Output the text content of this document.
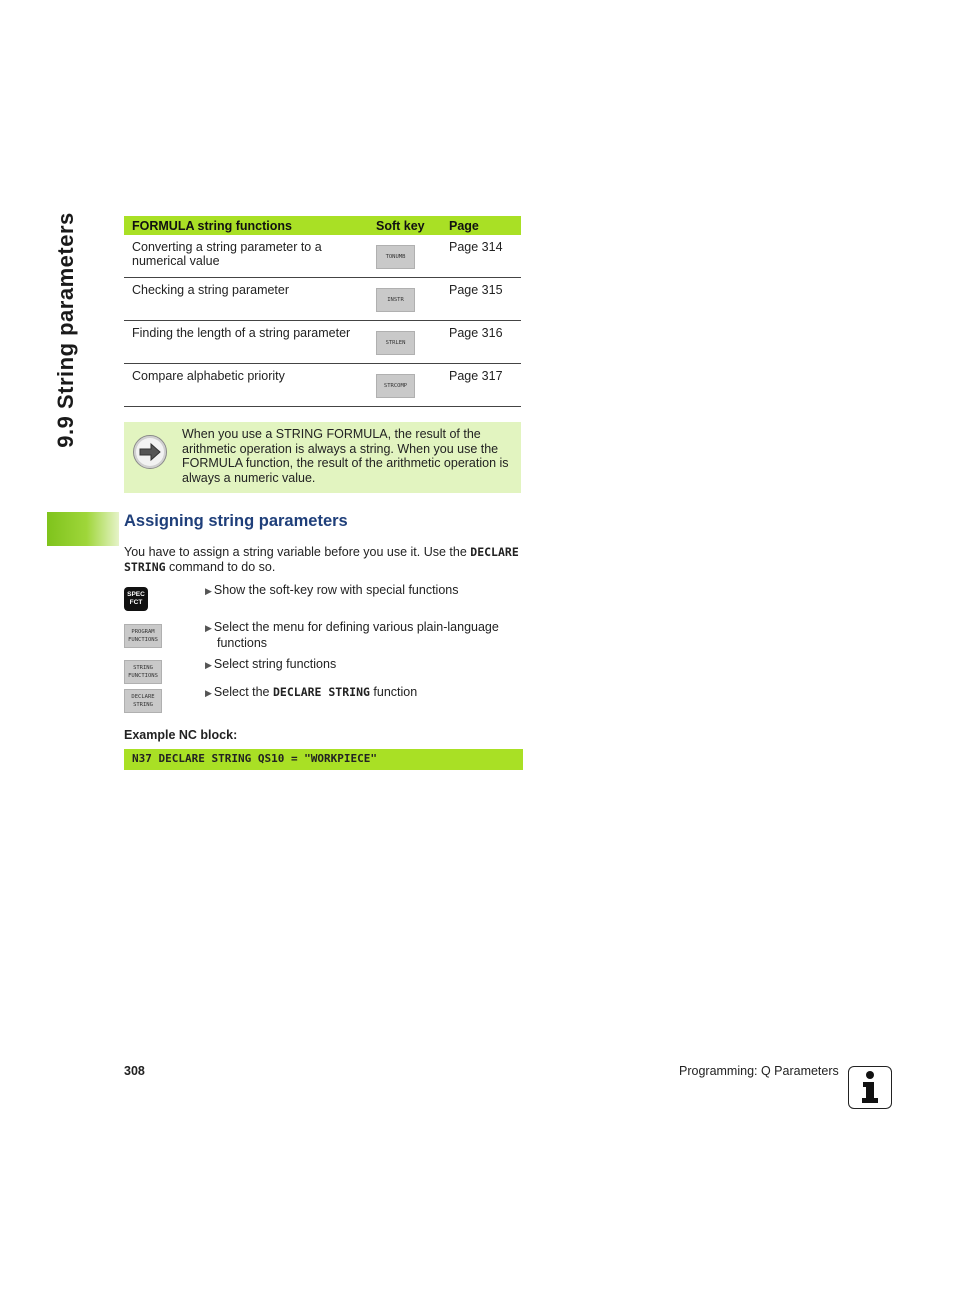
9.9 String parameters	FORMULA string functions	Soft key	Page
Converting a string parameter to a numerical value	TONUMB	Page 314
Checking a string parameter	INSTR	Page 315
Finding the length of a string parameter	STRLEN	Page 316
Compare alphabetic priority	STRCOMP	Page 317
When you use a STRING FORMULA, the result of the arithmetic operation is always a string. When you use the FORMULA function, the result of the arithmetic operation is always a numeric value.
Assigning string parameters
You have to assign a string variable before you use it. Use the DECLARE STRING command to do so.
SPEC
FCT
▶ Show the soft-key row with special functions
PROGRAM
FUNCTIONS
▶ Select the menu for defining various plain-language
functions
STRING
FUNCTIONS
▶ Select string functions
DECLARE
STRING
▶ Select the DECLARE STRING function
Example NC block:
N37 DECLARE STRING QS10 = "WORKPIECE"
308	Programming: Q Parameters
